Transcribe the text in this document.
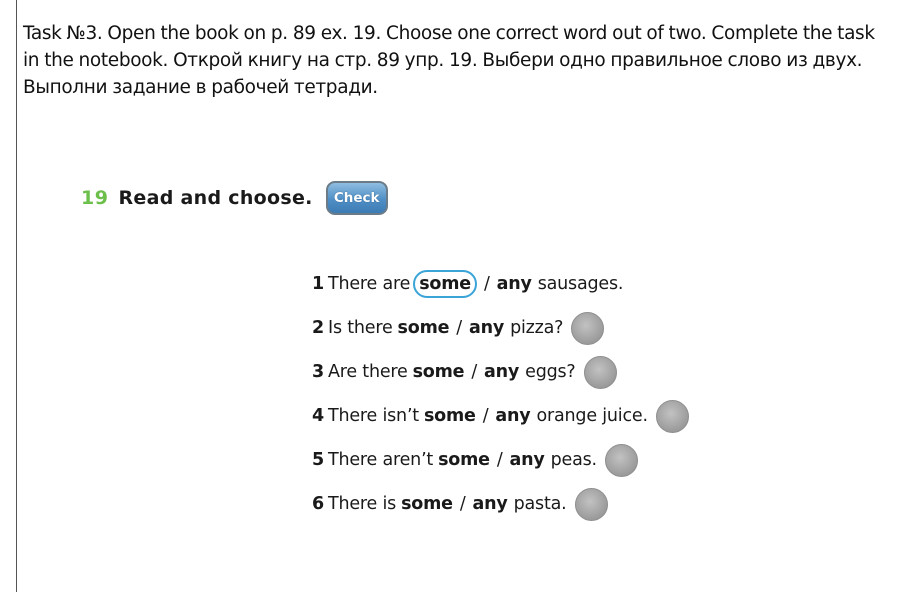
Task №3. Open the book on p. 89 ex. 19. Choose one correct word out of two. Complete the task in the notebook. Открой книгу на стр. 89 упр. 19. Выбери одно правильное слово из двух. Выполни задание в рабочей тетради.
19 Read and choose. Check
1 There are some / any sausages.
2 Is there some / any pizza?
3 Are there some / any eggs?
4 There isn’t some / any orange juice.
5 There aren’t some / any peas.
6 There is some / any pasta.
